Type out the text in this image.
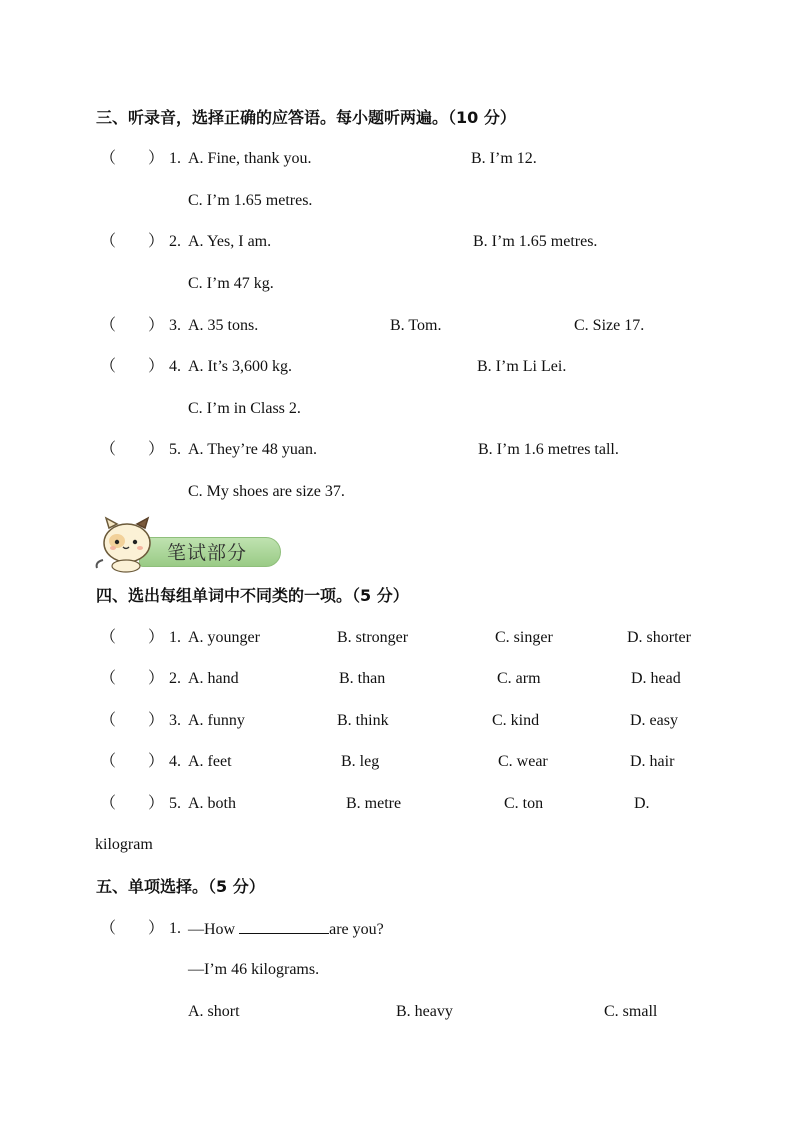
三、听录音，选择正确的应答语。每小题听两遍。（10 分）
（　　） 1. A. Fine, thank you.	B. I’m 12.
C. I’m 1.65 metres.
（　　） 2. A. Yes, I am.	B. I’m 1.65 metres.
C. I’m 47 kg.
（　　） 3. A. 35 tons.	B. Tom.	C. Size 17.
（　　） 4. A. It’s 3,600 kg.	B. I’m Li Lei.
C. I’m in Class 2.
（　　） 5. A. They’re 48 yuan.	B. I’m 1.6 metres tall.
C. My shoes are size 37.
笔试部分
四、选出每组单词中不同类的一项。（5 分）
（　　） 1. A. younger	B. stronger	C. singer	D. shorter
（　　） 2. A. hand	B. than	C. arm	D. head
（　　） 3. A. funny	B. think	C. kind	D. easy
（　　） 4. A. feet	B. leg	C. wear	D. hair
（　　） 5. A. both	B. metre	C. ton	D.
kilogram
五、单项选择。（5 分）
（　　） 1. —How	are you?
—I’m 46 kilograms.
A. short	B. heavy	C. small
